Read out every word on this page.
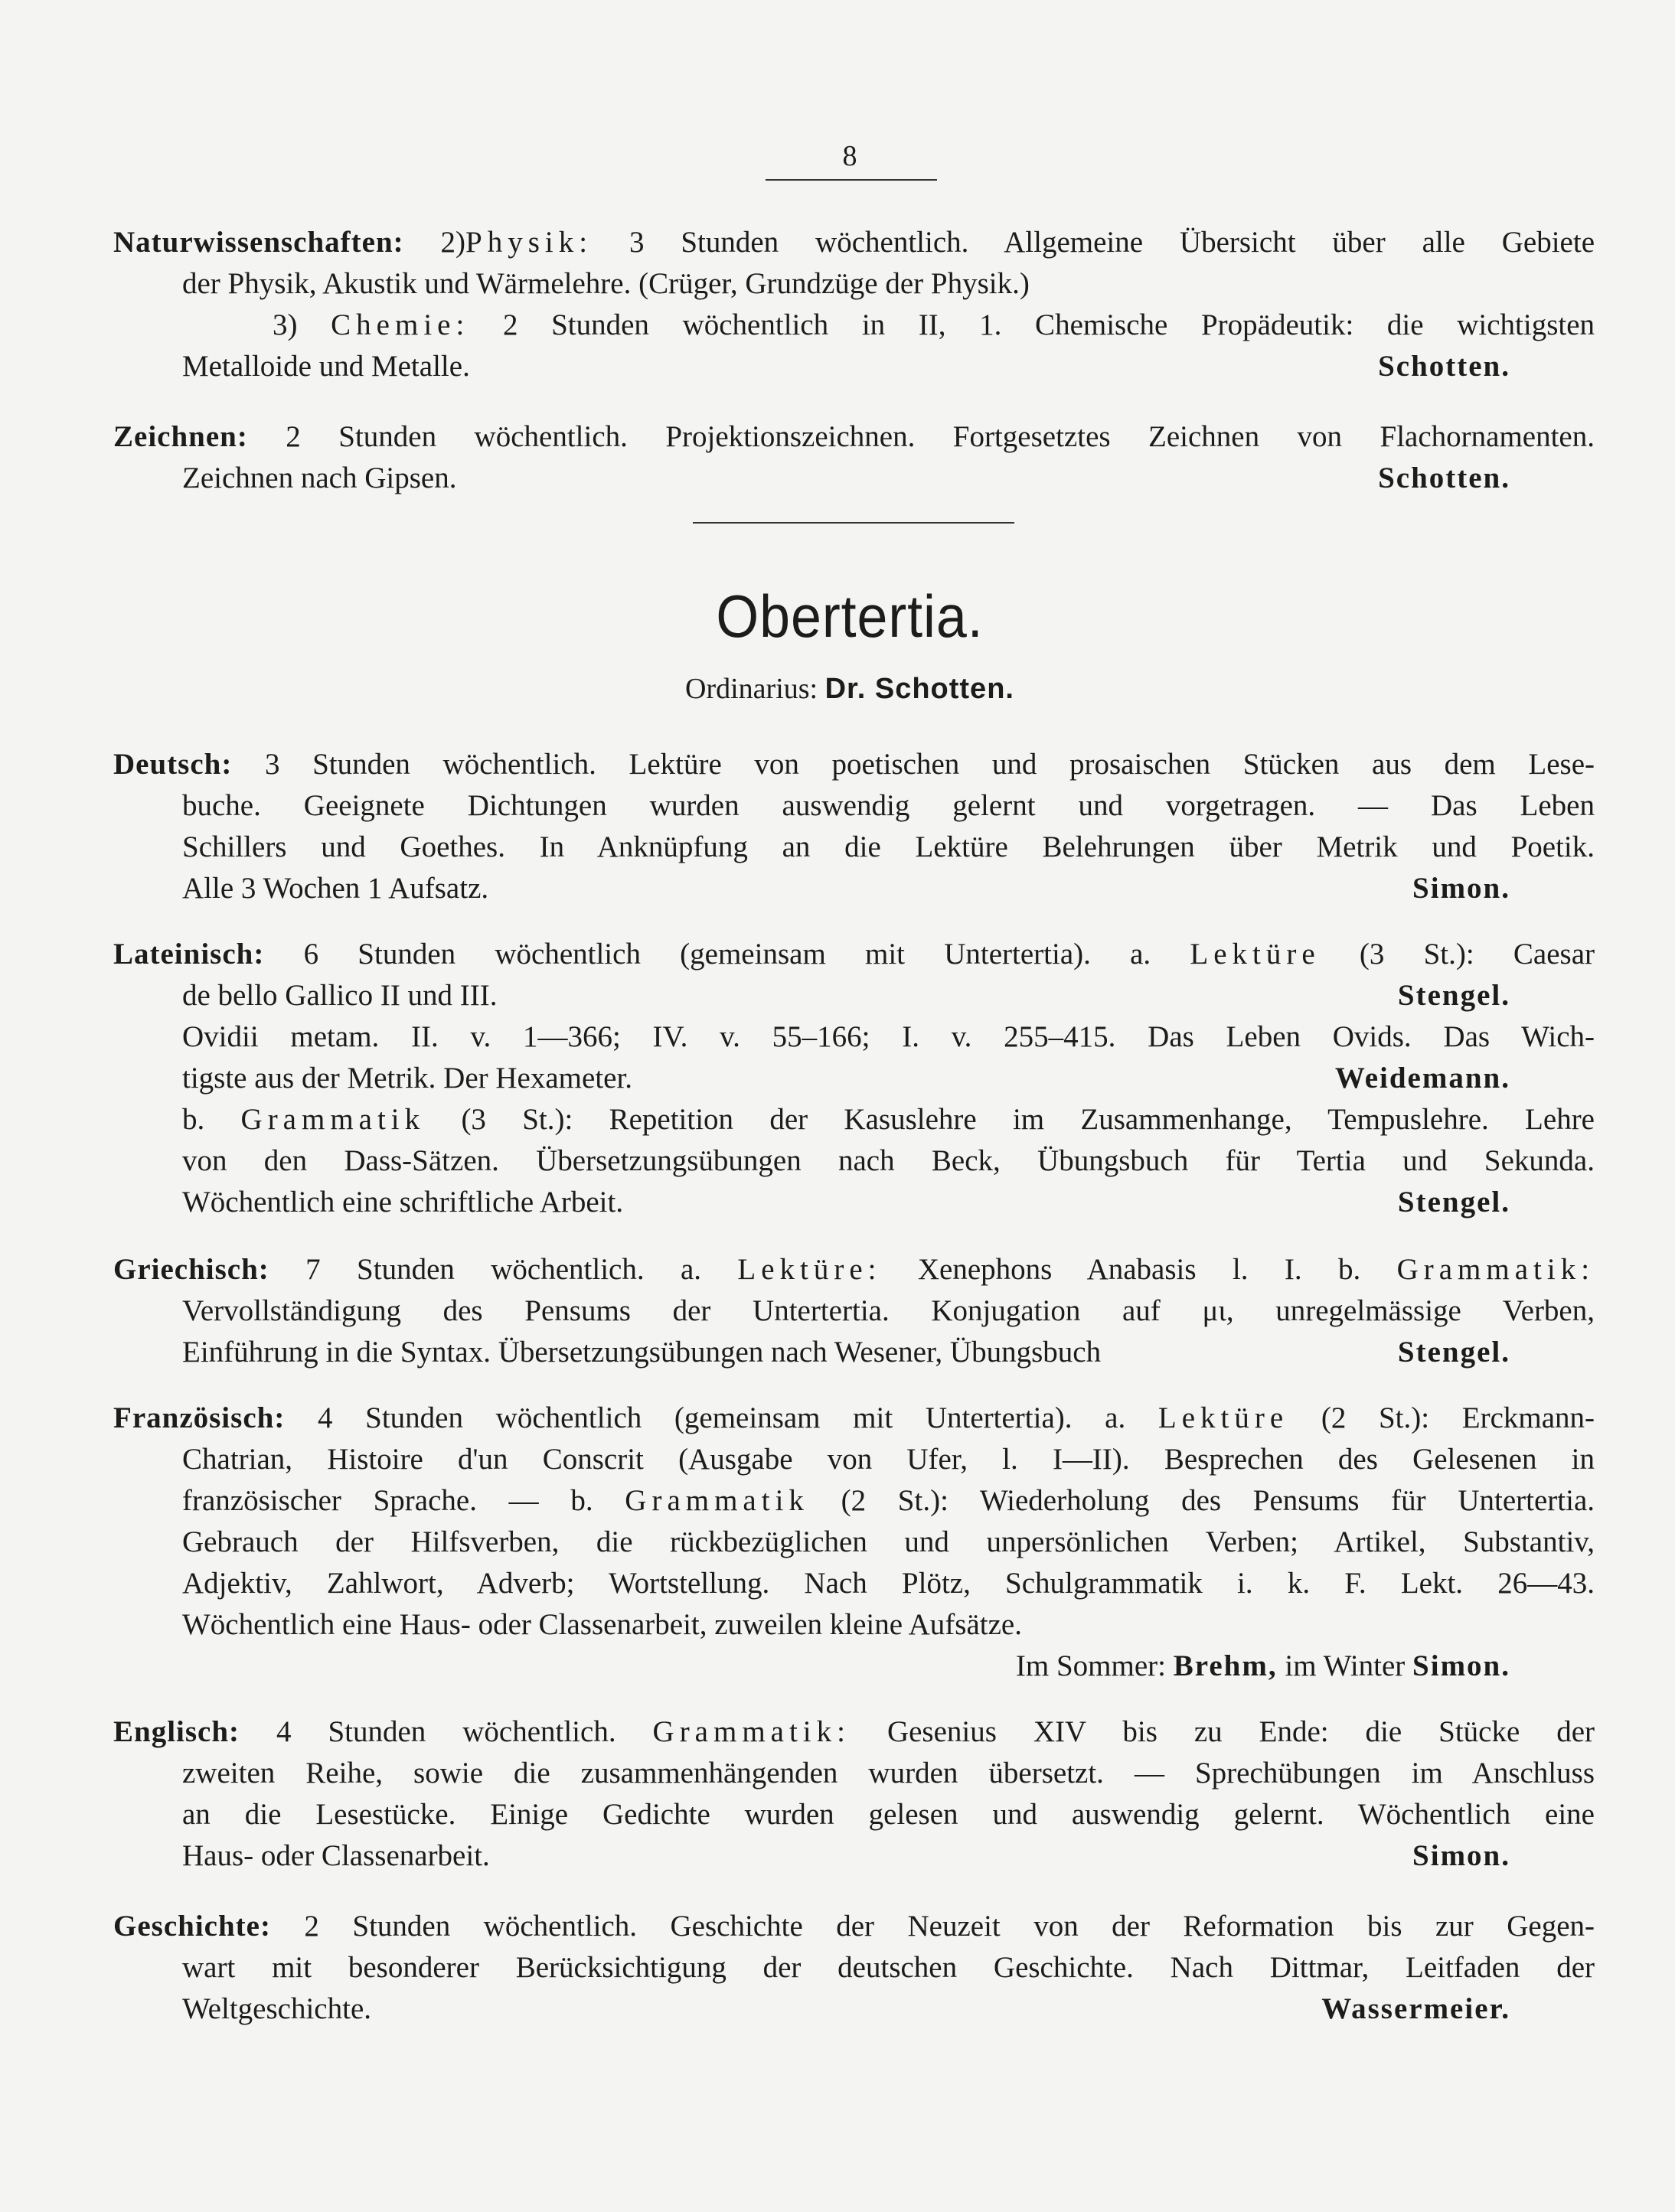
8
Naturwissenschaften: 2)Physik: 3 Stunden wöchentlich. Allgemeine Übersicht über alle Gebiete
der Physik, Akustik und Wärmelehre. (Crüger, Grundzüge der Physik.)
3) Chemie: 2 Stunden wöchentlich in II, 1. Chemische Propädeutik: die wichtigsten
Metalloide und Metalle.	Schotten.
Zeichnen: 2 Stunden wöchentlich. Projektionszeichnen. Fortgesetztes Zeichnen von Flachornamenten.
Zeichnen nach Gipsen.	Schotten.
Obertertia.
Ordinarius: Dr. Schotten.
Deutsch: 3 Stunden wöchentlich. Lektüre von poetischen und prosaischen Stücken aus dem Lese-
buche. Geeignete Dichtungen wurden auswendig gelernt und vorgetragen. — Das Leben
Schillers und Goethes. In Anknüpfung an die Lektüre Belehrungen über Metrik und Poetik.
Alle 3 Wochen 1 Aufsatz.	Simon.
Lateinisch: 6 Stunden wöchentlich (gemeinsam mit Untertertia). a. Lektüre (3 St.): Caesar
de bello Gallico II und III.	Stengel.
Ovidii metam. II. v. 1—366; IV. v. 55–166; I. v. 255–415. Das Leben Ovids. Das Wich-
tigste aus der Metrik. Der Hexameter.	Weidemann.
b. Grammatik (3 St.): Repetition der Kasuslehre im Zusammenhange, Tempuslehre. Lehre
von den Dass-Sätzen. Übersetzungsübungen nach Beck, Übungsbuch für Tertia und Sekunda.
Wöchentlich eine schriftliche Arbeit.	Stengel.
Griechisch: 7 Stunden wöchentlich. a. Lektüre: Xenephons Anabasis l. I. b. Grammatik:
Vervollständigung des Pensums der Untertertia. Konjugation auf μι, unregelmässige Verben,
Einführung in die Syntax. Übersetzungsübungen nach Wesener, Übungsbuch	Stengel.
Französisch: 4 Stunden wöchentlich (gemeinsam mit Untertertia). a. Lektüre (2 St.): Erckmann-
Chatrian, Histoire d'un Conscrit (Ausgabe von Ufer, l. I—II). Besprechen des Gelesenen in
französischer Sprache. — b. Grammatik (2 St.): Wiederholung des Pensums für Untertertia.
Gebrauch der Hilfsverben, die rückbezüglichen und unpersönlichen Verben; Artikel, Substantiv,
Adjektiv, Zahlwort, Adverb; Wortstellung. Nach Plötz, Schulgrammatik i. k. F. Lekt. 26—43.
Wöchentlich eine Haus- oder Classenarbeit, zuweilen kleine Aufsätze.
Im Sommer: Brehm, im Winter Simon.
Englisch: 4 Stunden wöchentlich. Grammatik: Gesenius XIV bis zu Ende: die Stücke der
zweiten Reihe, sowie die zusammenhängenden wurden übersetzt. — Sprechübungen im Anschluss
an die Lesestücke. Einige Gedichte wurden gelesen und auswendig gelernt. Wöchentlich eine
Haus- oder Classenarbeit.	Simon.
Geschichte: 2 Stunden wöchentlich. Geschichte der Neuzeit von der Reformation bis zur Gegen-
wart mit besonderer Berücksichtigung der deutschen Geschichte. Nach Dittmar, Leitfaden der
Weltgeschichte.	Wassermeier.
